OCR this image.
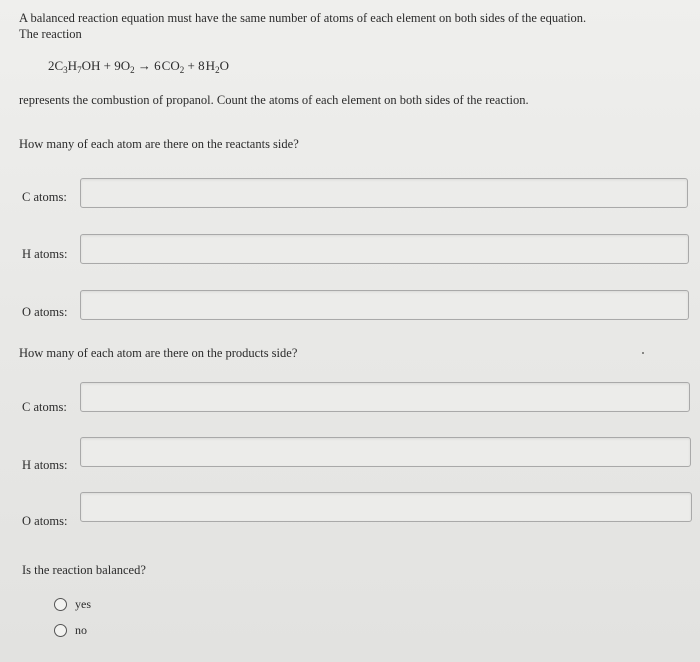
A balanced reaction equation must have the same number of atoms of each element on both sides of the equation.
The reaction
$2C_3H_7OH + 9O_2 \to 6$ $CO_2 + 8$ $H_2O$
represents the combustion of propanol. Count the atoms of each element on both sides of the reaction.
How many of each atom are there on the reactants side?
C atoms:
H atoms:
O atoms:
How many of each atom are there on the products side?
C atoms:
H atoms:
O atoms:
Is the reaction balanced?
yes
no
